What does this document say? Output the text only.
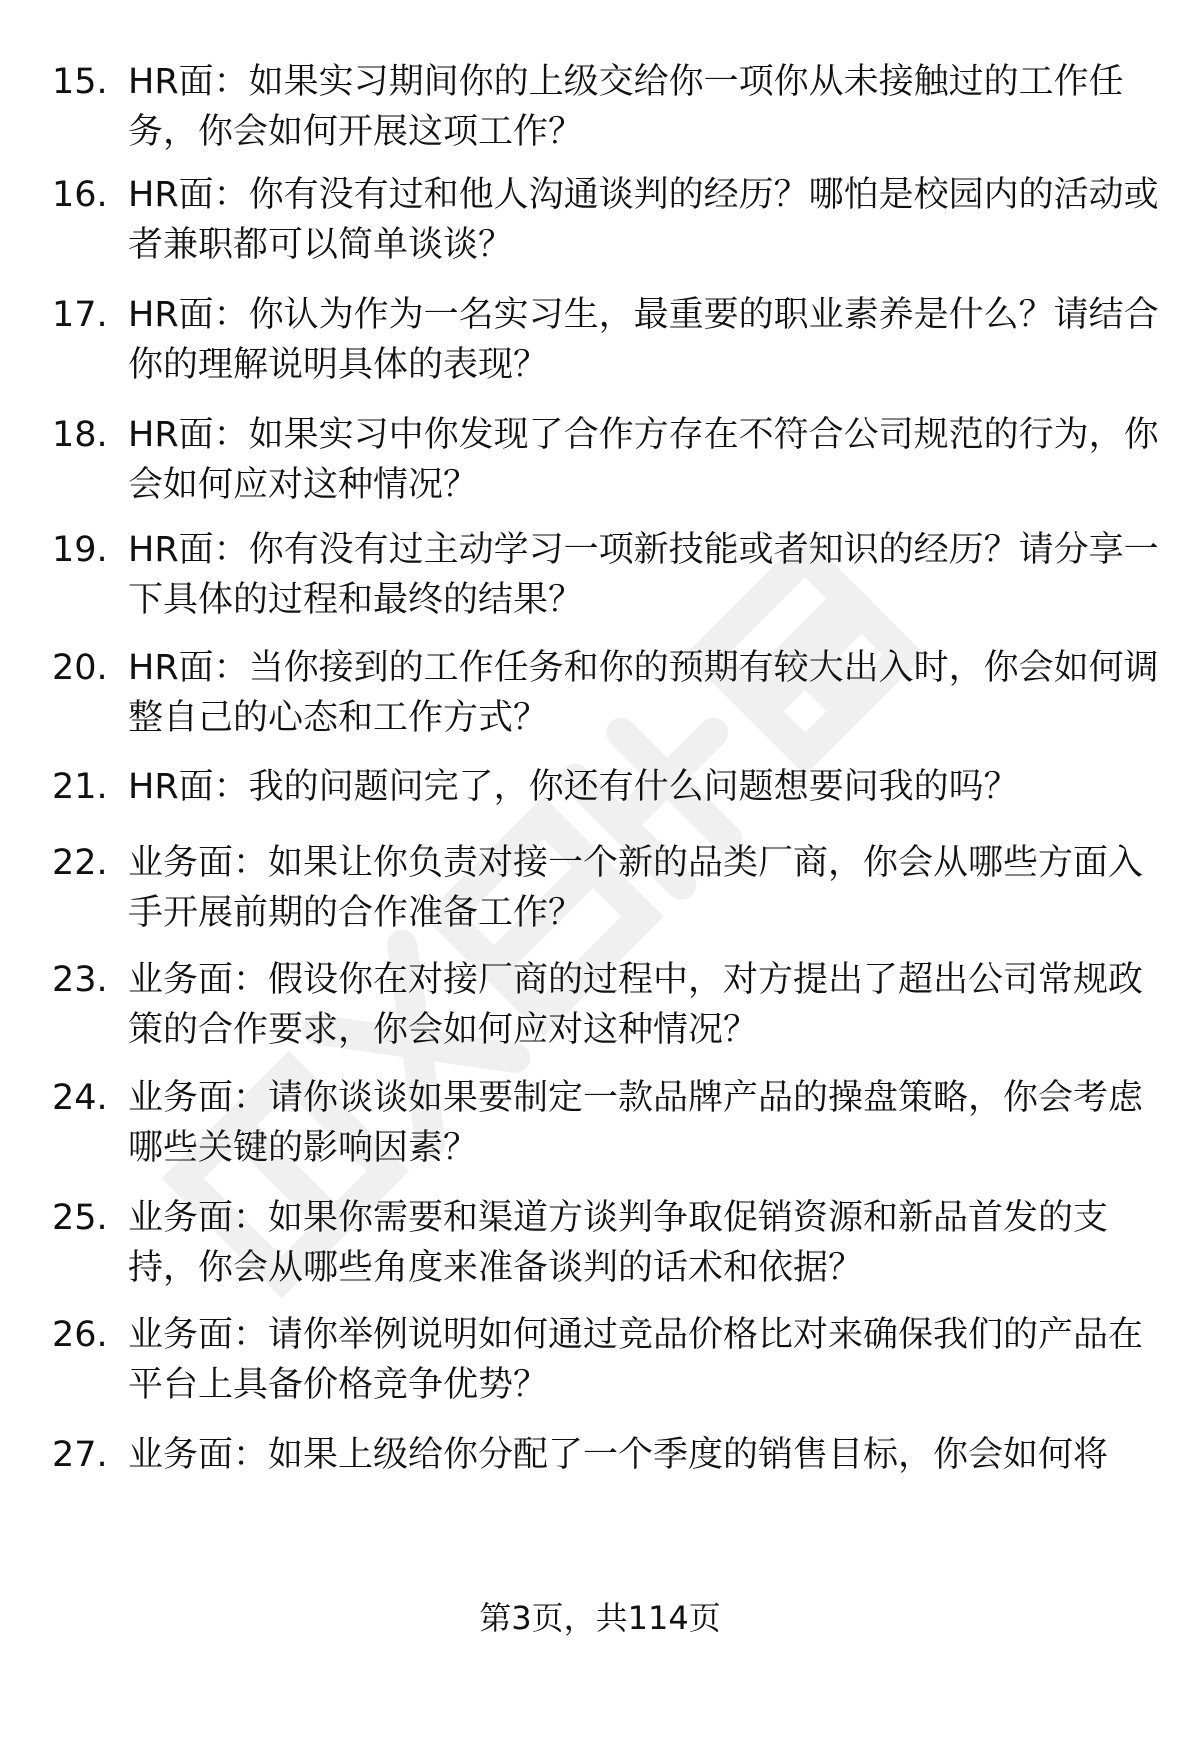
15. HR面：如果实习期间你的上级交给你一项你从未接触过的工作任务，你会如何开展这项工作？
16. HR面：你有没有过和他人沟通谈判的经历？哪怕是校园内的活动或者兼职都可以简单谈谈？
17. HR面：你认为作为一名实习生，最重要的职业素养是什么？请结合你的理解说明具体的表现？
18. HR面：如果实习中你发现了合作方存在不符合公司规范的行为，你会如何应对这种情况？
19. HR面：你有没有过主动学习一项新技能或者知识的经历？请分享一下具体的过程和最终的结果？
20. HR面：当你接到的工作任务和你的预期有较大出入时，你会如何调整自己的心态和工作方式？
21. HR面：我的问题问完了，你还有什么问题想要问我的吗？
22. 业务面：如果让你负责对接一个新的品类厂商，你会从哪些方面入手开展前期的合作准备工作？
23. 业务面：假设你在对接厂商的过程中，对方提出了超出公司常规政策的合作要求，你会如何应对这种情况？
24. 业务面：请你谈谈如果要制定一款品牌产品的操盘策略，你会考虑哪些关键的影响因素？
25. 业务面：如果你需要和渠道方谈判争取促销资源和新品首发的支持，你会从哪些角度来准备谈判的话术和依据？
26. 业务面：请你举例说明如何通过竞品价格比对来确保我们的产品在平台上具备价格竞争优势？
27. 业务面：如果上级给你分配了一个季度的销售目标，你会如何将
第3页，共114页
